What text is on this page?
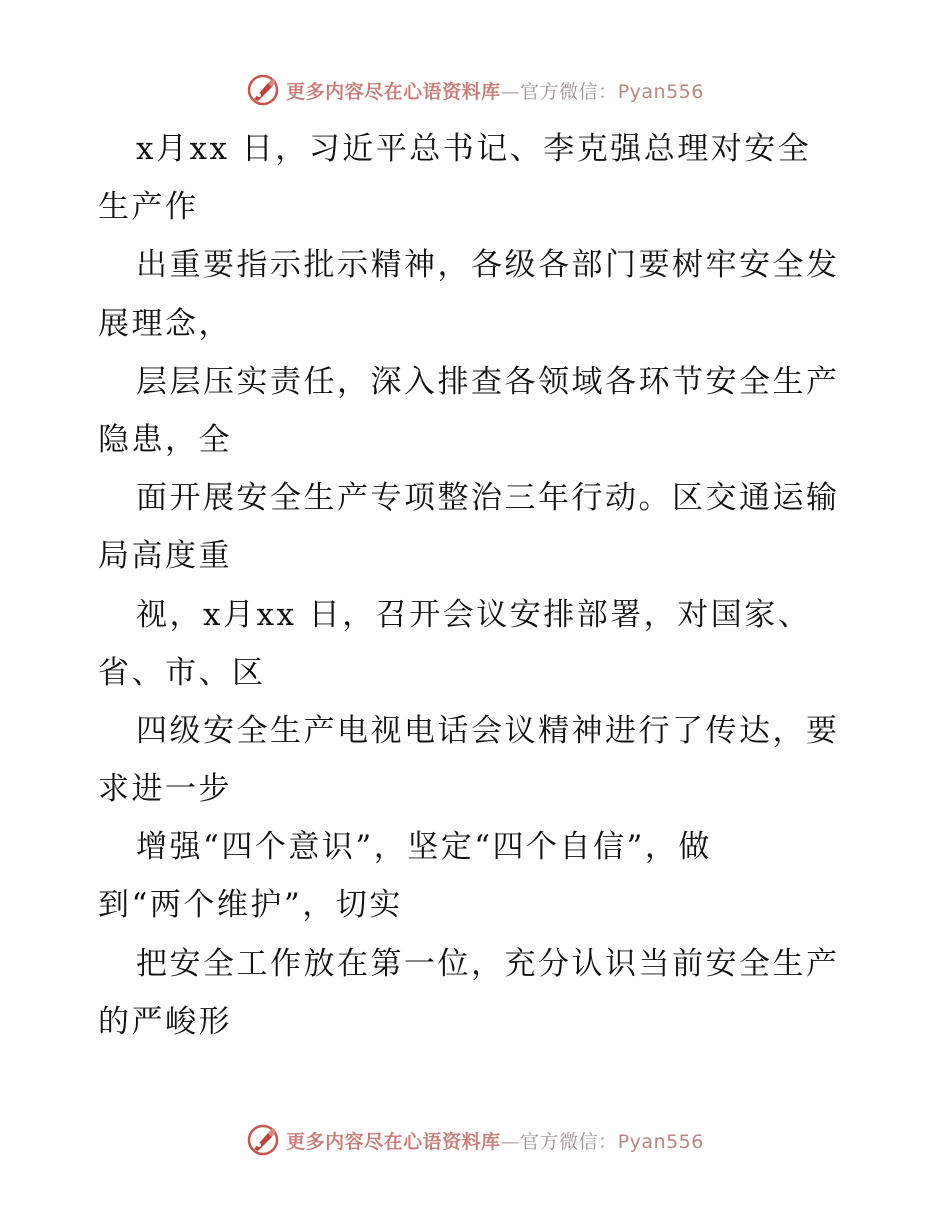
更多内容尽在心语资料库—官方微信：Pyan556
x月xx 日，习近平总书记、李克强总理对安全
生产作
出重要指示批示精神，各级各部门要树牢安全发
展理念，
层层压实责任，深入排查各领域各环节安全生产
隐患，全
面开展安全生产专项整治三年行动。区交通运输
局高度重
视，x月xx 日，召开会议安排部署，对国家、
省、市、区
四级安全生产电视电话会议精神进行了传达，要
求进一步
增强“四个意识”，坚定“四个自信”，做
到“两个维护”，切实
把安全工作放在第一位，充分认识当前安全生产
的严峻形
更多内容尽在心语资料库—官方微信：Pyan556
